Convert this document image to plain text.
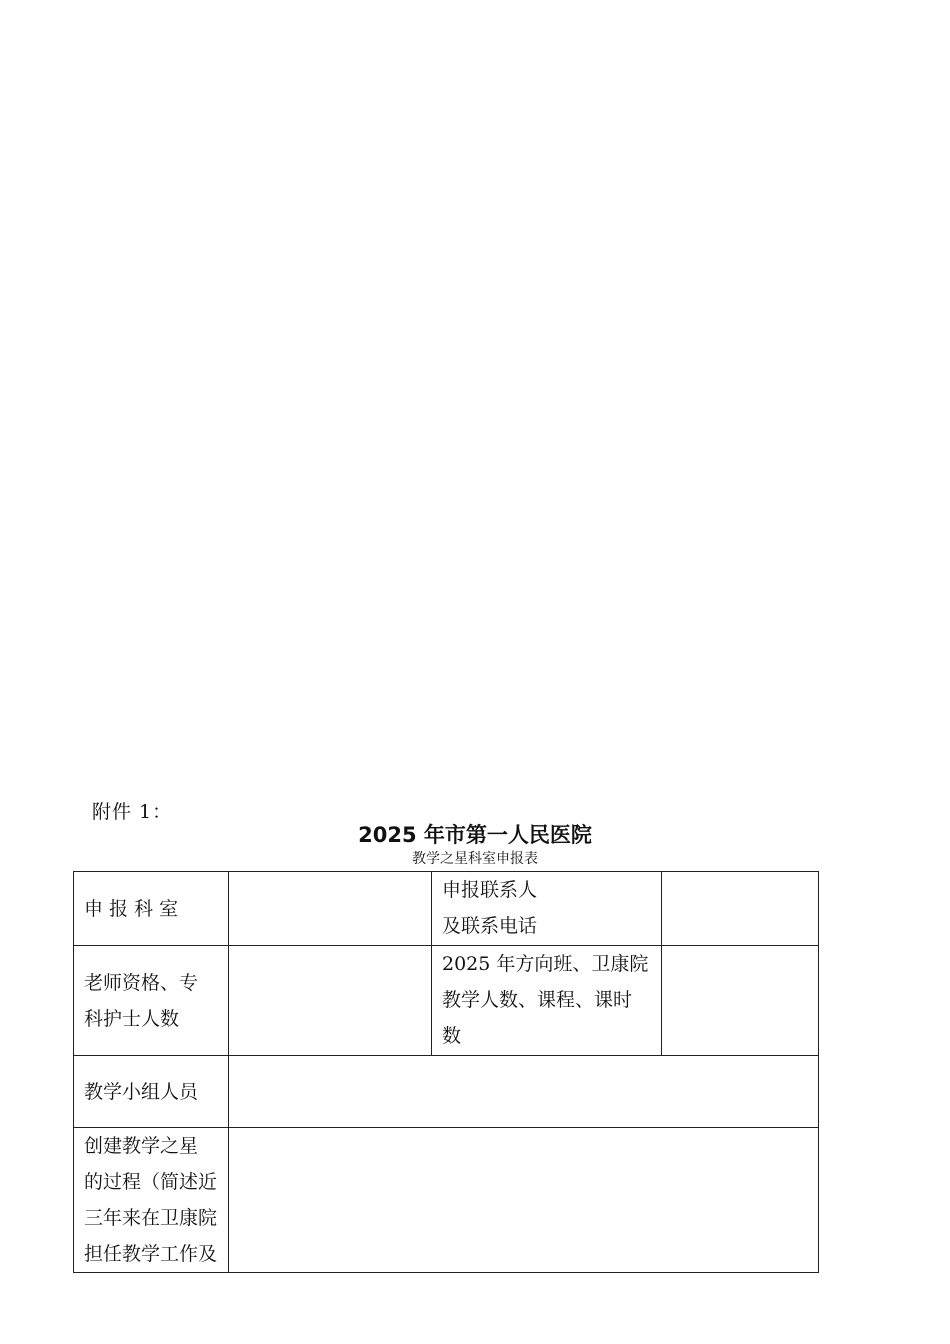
附件 1：
2025 年市第一人民医院
教学之星科室申报表
申 报 科 室		申报联系人
及联系电话	

老师资格、专
科护士人数		2025 年方向班、卫康院
教学人数、课程、课时
数	

教学小组人员			

创建教学之星
的过程（简述近
三年来在卫康院
担任教学工作及			
